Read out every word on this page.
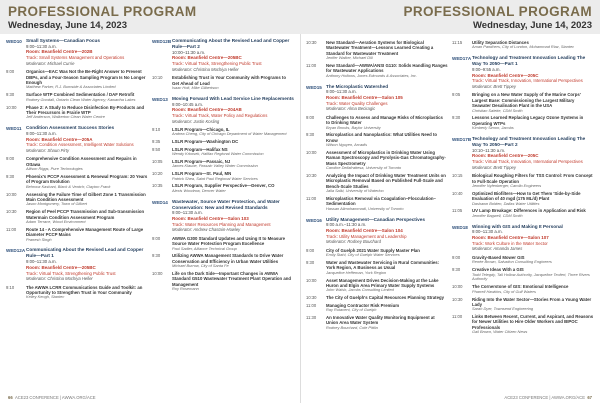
PROFESSIONAL PROGRAM
Wednesday, June 14, 2023
WED10 Small Systems—Canadian Focus
9:00–11:30 a.m.
Room: Beanfield Centre—202B
Track: Small Systems Management and Operations
Moderator: Michael Currie
9:00	Organics—EAC Was Not the Be-Right Answer to Prevent DBPs, and a Four-Season Sampling Program Is No Longer Enough
Matthew Parker, R.J. Burnside & Associates Limited
9:30	Surface WTP Combined Sedimentation / DAF Retrofit
Rodney Goodall, Ontario Clean Water Agency; Kawartha Lakes
10:00	Phase 2: A Study to Reduce Disinfection By-Products and Their Precursors in Prairie WTP
Jeff Anderson, Walkerton Clean Water Centre
WED11 Condition Assessment Success Stories
9:00–11:30 a.m.
Room: Beanfield Centre—205A
Track: Condition Assessment, Intelligent Water Solutions
Moderator: Shaun Pirty
9:00	Comprehensive Condition Assessment and Repairs in Ottawa
Allison Riggs, Pure Technologies
9:30	Phoenix's PCCP Assessment & Renewal Program: 20 Years of Program Evolution
Behrooz Kashani, Black & Veatch; Clayton Frank
10:00	Assessing the Failure Time of Gilbert Zone 1 Transmission Main Condition Assessment
Jason Montgomery, Town of Gilbert
10:30	Region of Peel PCCP Transmission and Sub-transmission Watermain Condition Assessment Program
Adam Terrace, Wood Environment
11:00	Route 14 - A Comprehensive Management Route of Large Diameter PCCP Mains
Pranesh Singh
WED12A Communicating About the Revised Lead and Copper Rule—Part 1
9:00–11:30 a.m.
Room: Beanfield Centre—205BC
Track: Virtual Track, Strengthening Public Trust
Moderator: Christina Mochiya Heller
9:10	The AWWA LCRR Communications Guide and Toolkit: an Opportunity to Strengthen Trust in Your Community
Kelley Keogh, Stantec
WED12B Communicating About the Revised Lead and Copper Rule—Part 2
10:00–11:30 a.m.
Room: Beanfield Centre—205BC
Track: Virtual Track, Strengthening Public Trust
Moderator: Christina Mochiya Heller
10:10	Establishing Trust in Your Community with Programs to Get Ahead of Lead
Isaac Holt, Mike Gilbertson
WED13 Moving Forward With Lead Service Line Replacements
9:00–10:45 a.m.
Room: Beanfield Centre—204AB
Track: Virtual Track, Water Policy and Regulations
Moderator: Justin Kosling
9:10	LSLR Program—Chicago, IL
Andrea Cheng, City of Chicago Department of Water Management
9:35	LSLR Program—Washington DC
9:50	LSLR Program—Halifax NS
Wendy Krkosek, Halifax Regional Water Commission
10:05	LSLR Program—Passaic, NJ
James Klaube, Passaic Valley Water Commission
10:20	LSLR Program—St. Paul, MN
Patrick Shea, Saint Paul Regional Water Services
10:35	LSLR Program, Supplier Perspective—Denver, CO
Alexis Woodrow, Denver Water
WED14 Wastewater, Source Water Protection, and Water Conservation: New and Revised Standards
9:00–11:30 a.m.
Room: Beanfield Centre—Salon 103
Track: Water Resources Planning and Management
Moderator: Andrew Chastain-Howley
9:00	AWWA G300 Standard Updates and Using It to Measure Source Water Protection Program Excellence
Paul Sadler, Alliance Technical Group
9:30	Utilizing AWWA Management Standards to Drive Water Conservation and Efficiency in Urban Water Utilities
Michael Burrow, City of Santa Fe
10:00	Life on the Dark Side—Important Changes in AWWA Standard G510 Wastewater Treatment Plant Operation and Management
Roy Rosemann
66 ACE23 CONFERENCE | AWWA.ORG/ACE
PROFESSIONAL PROGRAM
Wednesday, June 14, 2023
10:30	New Standard—Aeration Systems for Biological Wastewater Treatment—Lessons Learned Creating a Standard for Wastewater Treatment
Jenifer Walker, Michael Dill
11:00	New Standard—AWWA/ANSI G110: Solids Handling Ranges for Wastewater Applications
Anthony Hollows, Jones Edmunds & Associates, Inc.
WED15 The Microplastic Watershed
9:00–11:30 a.m.
Room: Beanfield Centre—Salon 105
Track: Water Quality Challenges
Moderator: Alma Beciragic
9:00	Challenges to Assess and Manage Risks of Microplastics to Drinking Water
Bryan Brooks, Baylor University
9:30	Microplastics and Nanoplastics: What Utilities Need to Know
Wilson Nguyen, Arcadis
10:00	Assessment of Microplastics in Drinking Water Using Raman Spectroscopy and Pyrolysis-Gas Chromatography-Mass Spectrometry
Caroline Dellafrattesa, University of Toronto
10:30	Analyzing the Impact of Drinking Water Treatment Units on Microplastic Removal Based on Published Full-Scale and Bench-Scale Studies
Jalla Salki, University of Waterloo
11:00	Microplastics Removal via Coagulation–Flocculation–Sedimentation
Hassan Alimohammadi, University of Toronto
WED16 Utility Management—Canadian Perspectives
9:00 a.m.–11:30 a.m.
Room: Beanfield Centre—Salon 104
Track: Utility Management and Leadership
Moderator: Rodney Bouchard
9:00	City of Guelph 2021 Water Supply Master Plan
Emily Stahl, City of Guelph Water Services
9:30	Water and Wastewater Servicing in Rural Communities: York Region, A Business as Usual
Jacqueline Heffernan, York Region
10:00	Asset Management Drives Decision-Making at the Lake Huron and Elgin Area Primary Water Supply Systems
John Walsh, Jacobs Consulting Limited
10:30	The City of Guelph's Capital Resources Planning Strategy
11:00	Managing Contractor Risk Premium
Ray Rutaneni, City of Guelph
11:30	An Innovative Water Quality Monitoring Equipment at Union Area Water System
Rodney Bouchard, Cole Pittlin
11:15	Utility Separation Distances
Aman Pandhers, City of London, Muhammad Riaz, Stantec
WED17A Technology and Treatment Innovation Leading The Way To 2050—Part 1
9:00–9:55 a.m.
Room: Beanfield Centre—205C
Track: Virtual Track, Innovation, International Perspectives
Moderator: Brett Tippey
9:05	Bringing on a New Water Supply of the Marine Corps' Largest Base: Commissioning the Largest Military Seawater Desalination Plant in the USA
Christian Salette, CDM Smith
9:30	Lessons Learned Replacing Legacy Ozone Systems in Operating WTPs
Kimberly Simon, Jacobs
WED17B Technology and Treatment Innovation Leading The Way To 2050—Part 2
10:10–11:30 a.m.
Room: Beanfield Centre—205C
Track: Virtual Track, Innovation, International Perspectives
Moderator: Brett Tippey
10:15	Biological Roughing Filters for TSS Control: From Concept to Full-Scale Operation
Jennifer Nyfenberger, Carollo Engineers
10:40	Optimized Biofilters—How to Get Them 'Side-by-Side Evaluation of 40 mgd (175 ML/d) Plant
Dashawn Bolden, Dallas Water Utilities
11:05	UV Lamp Breakage: Differences in Application and Risk
Jennifer Bagwell, CDM Smith
WED18 Winning with GIS and Making It Personal
9:00–11:30 a.m.
Room: Beanfield Centre—Salon 107
Track: Work Culture in the Water Sector
Moderator: Amanda James
9:00	Gravity-Based Mower GIS
Renée Brown, Salvation Consulting Engineers
9:30	Creative Ideas With a GIS
Todd Telegdy, Tall Hollow Authority, Jacqueline Teufert, Three Rivers Authority
10:00	The Cornerstone of GIS: Emotional Intelligence
Pharrell Hawkins, City of Gulf Waters
10:30	Riding Into the Water Sector—Stories From a Young Water Lady
Sarah Dyer, Townsend Engineering
11:00	Links Between Recent, Current, and Aspirant, and Reasons for Newer Utilities to Hire Older Workers and BIPOC Professionals
Gail Brown, Water Citizen News
ACE23 CONFERENCE | AWWA.ORG/ACE 67
